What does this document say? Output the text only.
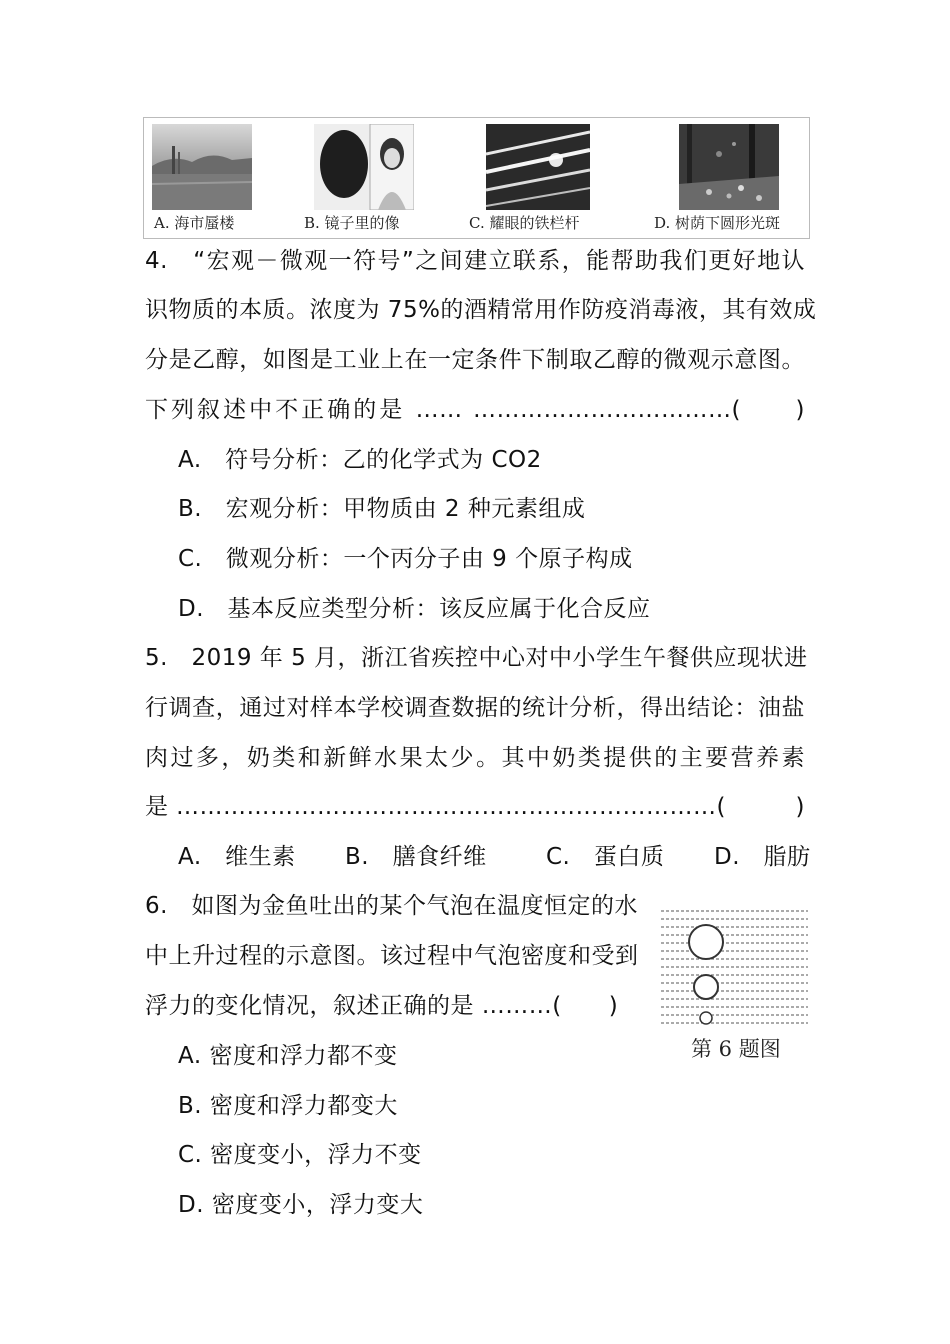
A. 海市蜃楼	B. 镜子里的像	C. 耀眼的铁栏杆	D. 树荫下圆形光斑
4.　“宏观－微观一符号”之间建立联系，能帮助我们更好地认
识物质的本质。浓度为 75%的酒精常用作防疫消毒液，其有效成
分是乙醇，如图是工业上在一定条件下制取乙醇的微观示意图。
下列叙述中不正确的是 …… ……………………………(　　)
A.　符号分析：乙的化学式为 CO2
B.　宏观分析：甲物质由 2 种元素组成
C.　微观分析：一个丙分子由 9 个原子构成
D.　基本反应类型分析：该反应属于化合反应
5.　2019 年 5 月，浙江省疾控中心对中小学生午餐供应现状进
行调查，通过对样本学校调查数据的统计分析，得出结论：油盐
肉过多，奶类和新鲜水果太少。其中奶类提供的主要营养素
是……………………………………………………………(　　)
A.　维生素 B.　膳食纤维	C.　蛋白质 D.　脂肪
6.　如图为金鱼吐出的某个气泡在温度恒定的水
中上升过程的示意图。该过程中气泡密度和受到
浮力的变化情况，叙述正确的是 ………(　　)
A. 密度和浮力都不变
B. 密度和浮力都变大
C. 密度变小，浮力不变
D. 密度变小，浮力变大
第 6 题图
